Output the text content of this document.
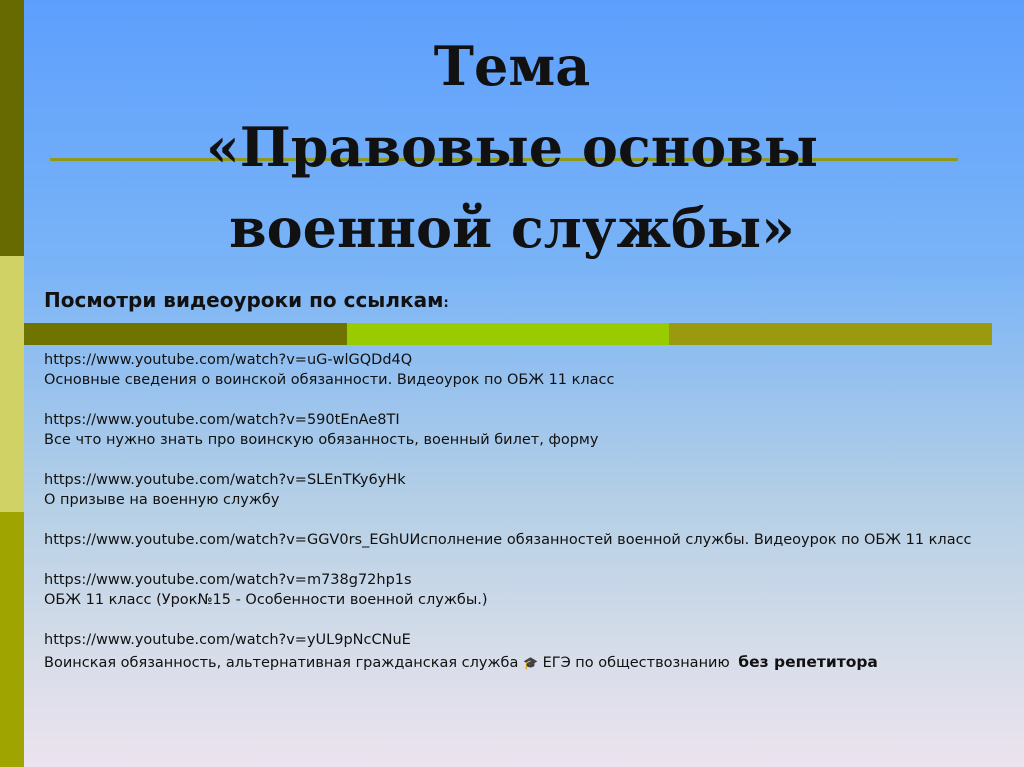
Тема
«Правовые основы
военной службы»
Посмотри видеоуроки по ссылкам:
https://www.youtube.com/watch?v=uG-wlGQDd4Q
Основные сведения о воинской обязанности. Видеоурок по ОБЖ 11 класс
https://www.youtube.com/watch?v=590tEnAe8TI
Все что нужно знать про воинскую обязанность, военный билет, форму
https://www.youtube.com/watch?v=SLEnTKy6yHk
О призыве на военную службу
https://www.youtube.com/watch?v=GGV0rs_EGhUИсполнение обязанностей военной службы. Видеоурок по ОБЖ 11 класс
https://www.youtube.com/watch?v=m738g72hp1s
ОБЖ 11 класс (Урок№15 - Особенности военной службы.)
https://www.youtube.com/watch?v=yUL9pNcCNuE
Воинская обязанность, альтернативная гражданская служба 🎓 ЕГЭ по обществознанию без репетитора
